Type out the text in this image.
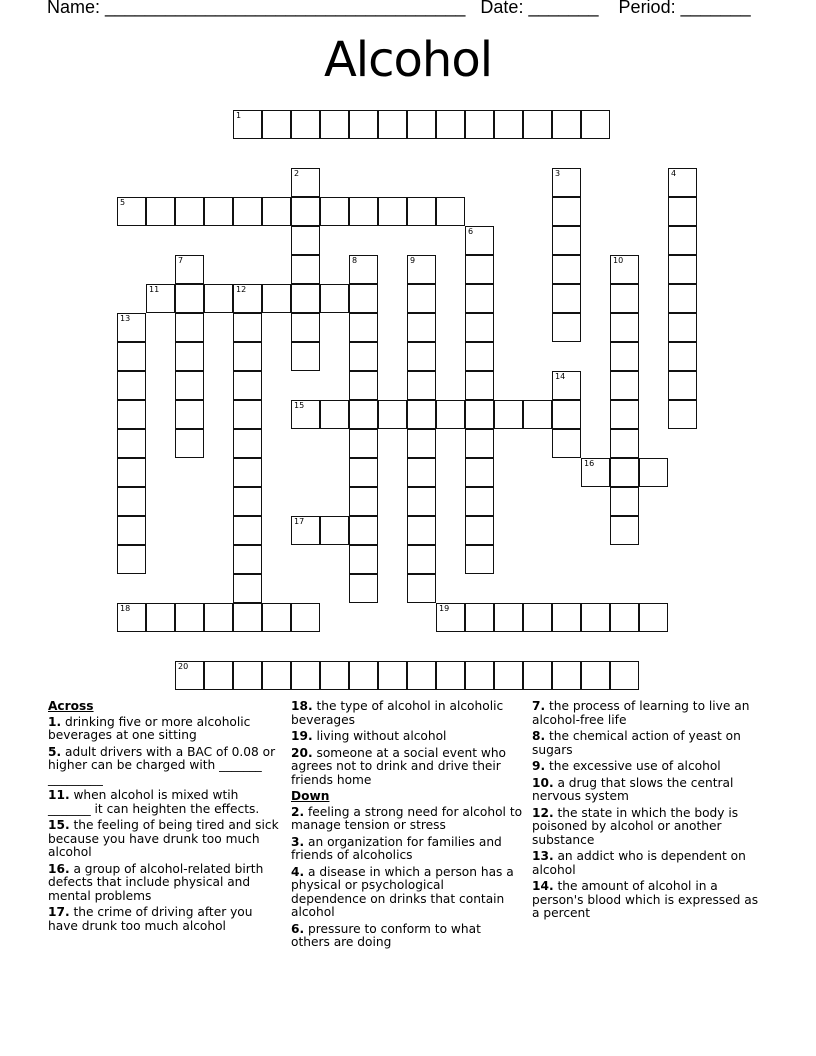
Name: ____________________________________ Date: _______ Period: _______
Alcohol
1
5
11	12
15
16
17
18	19
20
2	3	4
6
7	8	9	10
13
14
Across
1. drinking five or more alcoholic beverages at one sitting
5. adult drivers with a BAC of 0.08 or higher can be charged with _______ _________
11. when alcohol is mixed wtih _______ it can heighten the effects.
15. the feeling of being tired and sick because you have drunk too much alcohol
16. a group of alcohol-related birth defects that include physical and mental problems
17. the crime of driving after you have drunk too much alcohol
18. the type of alcohol in alcoholic beverages
19. living without alcohol
20. someone at a social event who agrees not to drink and drive their friends home
Down
2. feeling a strong need for alcohol to manage tension or stress
3. an organization for families and friends of alcoholics
4. a disease in which a person has a physical or psychological dependence on drinks that contain alcohol
6. pressure to conform to what others are doing
7. the process of learning to live an alcohol-free life
8. the chemical action of yeast on sugars
9. the excessive use of alcohol
10. a drug that slows the central nervous system
12. the state in which the body is poisoned by alcohol or another substance
13. an addict who is dependent on alcohol
14. the amount of alcohol in a person's blood which is expressed as a percent
